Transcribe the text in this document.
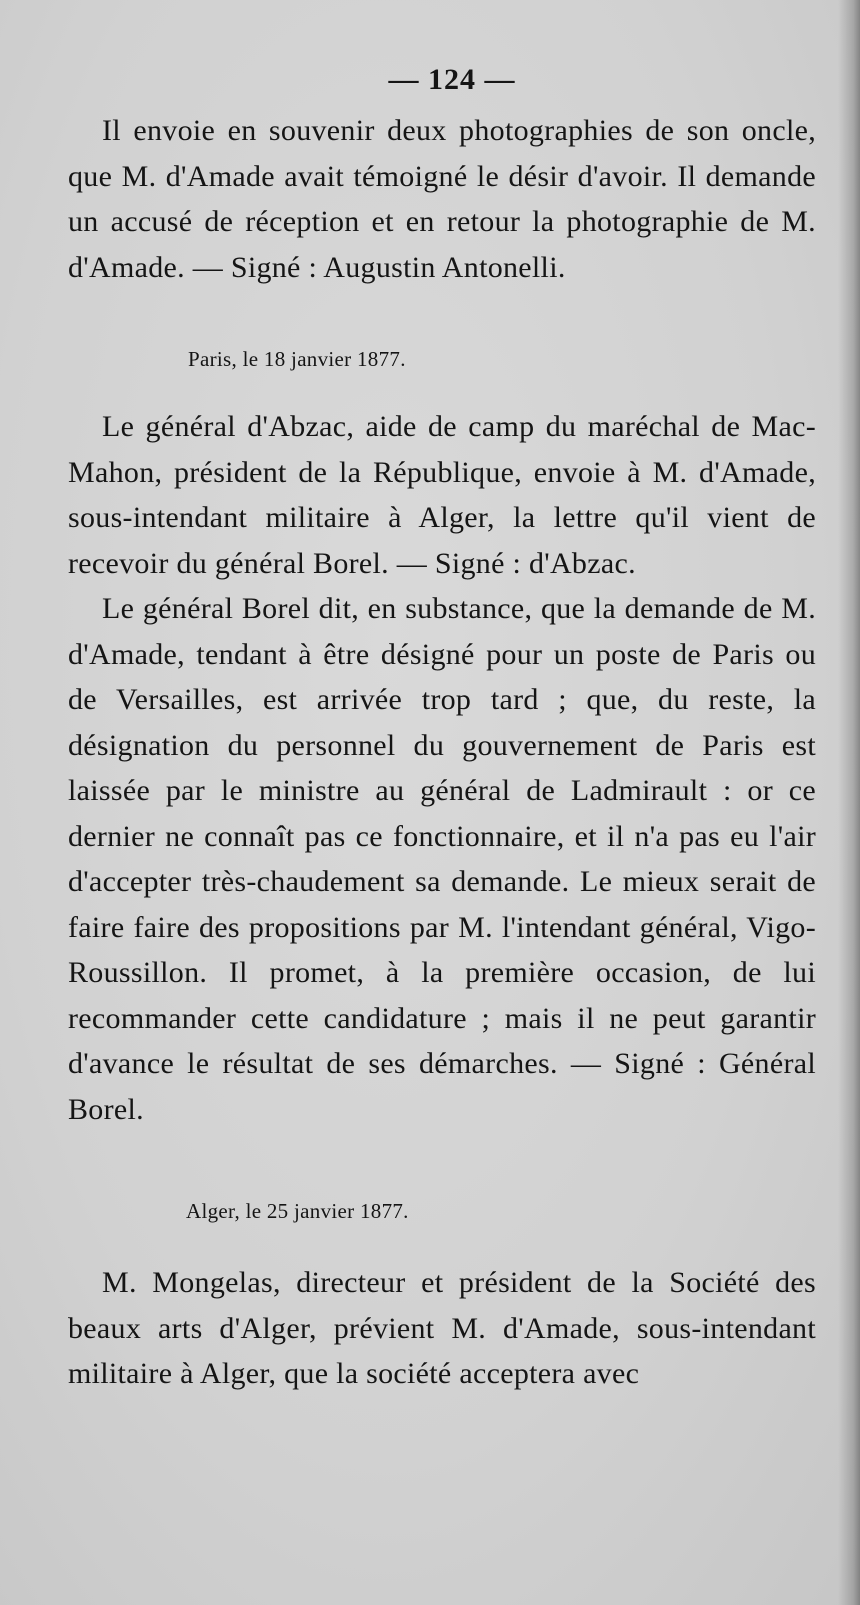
— 124 —

Il envoie en souvenir deux photographies de son oncle, que M. d'Amade avait témoigné le désir d'avoir. Il demande un accusé de réception et en retour la photographie de M. d'Amade. — Signé : Augustin Antonelli.

Paris, le 18 janvier 1877.

Le général d'Abzac, aide de camp du maréchal de Mac-Mahon, président de la République, envoie à M. d'Amade, sous-intendant militaire à Alger, la lettre qu'il vient de recevoir du général Borel. — Signé : d'Abzac.

Le général Borel dit, en substance, que la demande de M. d'Amade, tendant à être désigné pour un poste de Paris ou de Versailles, est arrivée trop tard ; que, du reste, la désignation du personnel du gouvernement de Paris est laissée par le ministre au général de Ladmirault : or ce dernier ne connaît pas ce fonctionnaire, et il n'a pas eu l'air d'accepter très-chaudement sa demande. Le mieux serait de faire faire des propositions par M. l'intendant général, Vigo-Roussillon. Il promet, à la première occasion, de lui recommander cette candidature ; mais il ne peut garantir d'avance le résultat de ses démarches. — Signé : Général Borel.

Alger, le 25 janvier 1877.

M. Mongelas, directeur et président de la Société des beaux arts d'Alger, prévient M. d'Amade, sous-intendant militaire à Alger, que la société acceptera avec
